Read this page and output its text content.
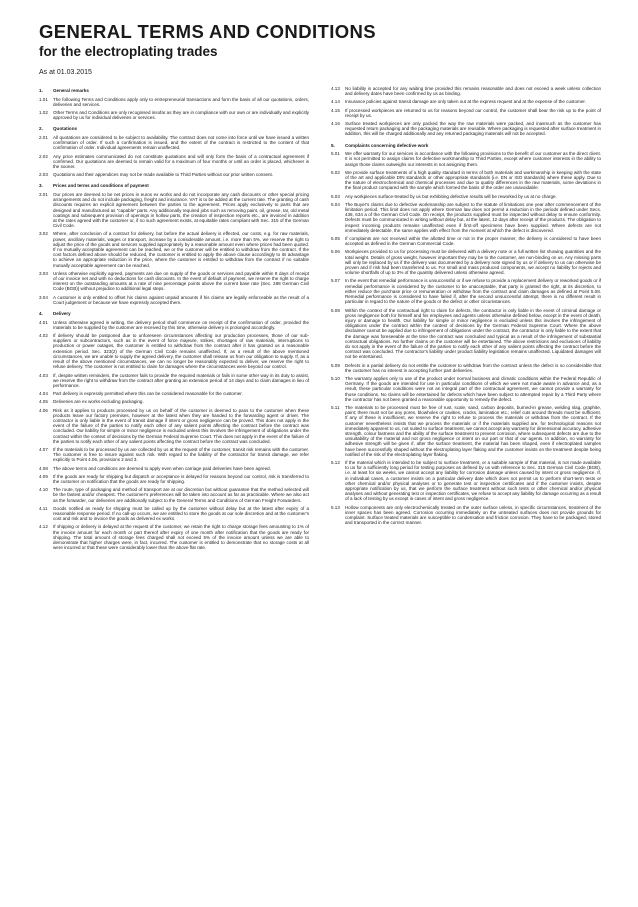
GENERAL TERMS AND CONDITIONS
for the electroplating trades
As at 01.03.2015
1.	General remarks
1.01	The following Terms and Conditions apply only to entrepreneurial transactions and form the basis of all our quotations, orders, deliveries and services.
1.02	Other Terms and Conditions are only recognised insofar as they are in compliance with our own or are individually and explicitly approved by us for individual deliveries or services.
2.	Quotations
2.01	All quotations are considered to be subject to availability. The contract does not come into force until we have issued a written confirmation of order. If such a confirmation is issued, and the extent of the contract is restricted to the content of that confirmation of order. Individual agreements remain unaffected.
2.02	Any price estimates communicated do not constitute quotations and will only form the basis of a contractual agreement if confirmed. Our quotations are deemed to remain valid for a maximum of four months or until an order is placed, whichever is the sooner.
2.03	Quotations and their appendices may not be made available to Third Parties without our prior written consent.
3.	Prices and terms and conditions of payment
3.01	Our prices are deemed to be net prices in euros ex works and do not incorporate any cash discounts or other special pricing arrangements and do not include packaging, freight and insurance. VAT is to be added at the current rate. The granting of cash discounts requires an explicit agreement between the parties to the agreement. Prices apply exclusively to parts that are designed and manufactured as "capable" parts. Any additionally required jobs such as removing paint, oil, grease, tar, old metal coatings and subsequent provision of openings in hollow parts, the creation of inspection reports etc., are invoiced in addition at the rates agreed with the customer or, if no such agreement exists, at equitable rates compliant with Sec. 315 of the German Civil Code.
3.02	Where, after conclusion of a contract for delivery, but before the actual delivery is effected, our costs, e.g. for raw materials, power, ancillary materials, wages or transport, increase by a considerable amount, i.e. more than 5%, we reserve the right to adjust the price of the goods and services supplied appropriately by a reasonable amount even where prices had been quoted. If no mutually acceptable agreement can be reached, we or the customer will be entitled to withdraw from the contract. If the cost factors defined above should be reduced, the customer is entitled to apply the above clause accordingly to its advantage to achieve an appropriate reduction in the price, where the customer is entitled to withdraw from the contract if no suitable mutually acceptable agreement can be reached.
3.03	Unless otherwise explicitly agreed, payments are due on supply of the goods or services and payable within 8 days of receipt of our invoice net and with no deductions for cash discounts. In the event of default of payment, we reserve the right to charge interest on the outstanding amounts at a rate of nine percentage points above the current base rate (Sec. 288 German Civil Code (BGB)) without prejudice to additional legal steps.
3.04	A customer is only entitled to offset his claims against unpaid amounts if his claims are legally enforceable as the result of a Court judgement or because we have expressly accepted them.
4.	Delivery
4.01	Unless otherwise agreed in writing, the delivery period shall commence on receipt of the confirmation of order, provided the materials to be supplied by the customer are received by this time, otherwise delivery is prolonged accordingly.
4.02	If delivery should be postponed due to unforeseen circumstances affecting our production processes, those of our sub-suppliers or subcontractors, such as in the event of force majeure, strikes, shortages of raw materials, interruptions to production or power outages, the customer is entitled to withdraw from the contract after it has granted us a reasonable extension period. Sec. 323(2) of the German Civil Code remains unaffected. If, as a result of the above mentioned circumstances, we are unable to supply the agreed delivery, the customer shall release us from our obligation to supply. If, as a result of the above mentioned circumstances, we can no longer be reasonably expected to deliver, we reserve the right to refuse delivery. The customer is not entitled to claim for damages where the circumstances were beyond our control.
4.03	If, despite written reminders, the customer fails to provide the required materials or fails in some other way in its duty to assist, we reserve the right to withdraw from the contract after granting an extension period of 14 days and to claim damages in lieu of performance.
4.04	Part delivery is expressly permitted where this can be considered reasonable for the customer.
4.05	Deliveries are ex works excluding packaging.
4.06	Risk as it applies to products processed by us on behalf of the customer is deemed to pass to the customer when these products leave our factory premises, however at the latest when they are handed to the forwarding agent or driver. The contractor is only liable in the event of transit damage if intent or gross negligence can be proved. This does not apply in the event of the failure of the parties to notify each other of any salient points affecting the contract before the contract was concluded. Our liability for simple or minor negligence is excluded unless this involves the infringement of obligations under the contract within the context of decisions by the German Federal Supreme Court. This does not apply in the event of the failure of the parties to notify each other of any salient points affecting the contract before the contract was concluded.
4.07	If the materials to be processed by us are collected by us at the request of the customer, transit risk remains with the customer. The customer is free to insure against such risk. With regard to the liability of the contractor for transit damage, we refer explicitly to Point 4.06, provisions 2 and 3.
4.08	The above terms and conditions are deemed to apply even when carriage paid deliveries have been agreed.
4.09	If the goods are ready for shipping but dispatch or acceptance is delayed for reasons beyond our control, risk is transferred to the customer on notification that the goods are ready for shipping.
4.10	The route, type of packaging and method of transport are at our discretion but without guarantee that the method selected will be the fastest and/or cheapest. The customer's preferences will be taken into account as far as practicable. Where we also act as the forwarder, our deliveries are additionally subject to the General Terms and Conditions of German Freight Forwarders.
4.11	Goods notified as ready for shipping must be called up by the customer without delay but at the latest after expiry of a reasonable response period. If no call-up occurs, we are entitled to store the goods at our sole discretion and at the customer's cost and risk and to invoice the goods as delivered ex works.
4.12	If shipping or delivery is delayed at the request of the customer, we retain the right to charge storage fees amounting to 1% of the invoice amount for each month or part thereof after expiry of one month after notification that the goods are ready for shipping. The total amount of storage fees charged shall not exceed 5% of the invoice amount unless we are able to demonstrate that higher charges were, in fact, incurred. The customer is entitled to demonstrate that no storage costs at all were incurred or that these were considerably lower than the above flat rate.
4.13	No liability is accepted for any waiting time provided this remains reasonable and does not exceed a week unless collection and delivery dates have been confirmed by us as binding.
4.14	Insurance policies against transit damage are only taken out at the express request and at the expense of the customer.
4.15	If processed workpieces are returned to us for reasons beyond our control, the customer shall bear the risk up to the point of receipt by us.
4.16	Surface treated workpieces are only packed the way the raw materials were packed, and inasmuch as the customer has requested return packaging and the packaging materials are reusable. Where packaging is requested after surface treatment in addition, this will be charged additionally and any returned packaging materials will not be accepted.
5.	Complaints concerning defective work
5.01	We offer warranty for our services in accordance with the following provisions to the benefit of our customer as the direct client. It is not permitted to assign claims for defective workmanship to Third Parties, except where customer interests in the ability to assign those claims outweighs our interests in not assigning them.
5.02	We provide surface treatments of a high quality standard in terms of both materials and workmanship in keeping with the state of the art and applicable DIN standards or other appropriate standards (i.e. EN or ISO standards) where these apply. Due to the nature of electrochemical and chemical processes and due to quality differences in the raw materials, some deviations in the final product compared with the sample which formed the basis of the order are unavoidable.
5.03	Any workpieces surface-treated by us but exhibiting defective results will be reworked by us at no charge.
5.04	The Buyer's claims due to defective workmanship are subject to the statute of limitations one year after commencement of the limitation period. This limit does not apply where German law does not permit a reduction in the periods defined under Secs. 438, 634 a of the German Civil Code. On receipt, the products supplied must be inspected without delay to ensure conformity. Defects must be communicated in writing without delay but, at the latest, 12 days after receipt of the products. The obligation to inspect incoming products remains unaffected even if first-off specimens have been supplied. Where defects are not immediately detectable, the same applies with effect from the moment at which the defect is discovered.
5.05	If complaints are not received within the allotted time or not in the proper manner, the delivery is considered to have been accepted as defined in the German Commercial Code.
5.06	Workpieces provided to us for processing must be delivered with a delivery note or a full written list showing quantities and the total weight. Details of gross weight, however important they may be to the customer, are non-binding on us. Any missing parts will only be replaced by us if the delivery was documented by a delivery note signed by us or if delivery to us can otherwise be proven and if risk had been transferred to us. For small and mass produced components, we accept no liability for rejects and volume shortfalls of up to 3% of the quantity delivered unless otherwise agreed.
5.07	In the event that remedial performance is unsuccessful or if we refuse to provide a replacement delivery or reworked goods or if remedial performance is considered by the customer to be unacceptable, that party is granted the right, at its discretion, to either reduce the purchase price or remuneration or withdraw from the contract and claim damages as defined at Point 5.08. Remedial performance is considered to have failed if, after the second unsuccessful attempt, there is no different result in particular in regard to the nature of the goods or the defect or other circumstances.
5.08	Within the context of the contractual right to claim for defects, the contractor is only liable in the event of criminal damage or gross negligence both for himself and his employees and agents unless otherwise defined below, except in the event of death, injury or damage to health. Our liability for simple or minor negligence is excluded unless this involves the infringement of obligations under the contract within the context of decisions by the German Federal Supreme Court. Where the above disclaimer cannot be applied due to infringement of obligations under the contract, the contractor is only liable to the extent that the damage was foreseeable at the time the contract was concluded and typical as a result of the infringement of substantial contractual obligations. No further claims on the customer will be entertained. The above restrictions and exclusions of liability do not apply in the event of the failure of the parties to notify each other of any salient points affecting the contract before the contract was concluded. The contractor's liability under product liability legislation remains unaffected. Liquidated damages will not be entertained.
5.09	Defects in a partial delivery do not entitle the customer to withdraw from the contract unless the defect is so considerable that the customer has no interest in accepting further part deliveries.
5.10	The warranty applies only to use of the product under normal business and climatic conditions within the Federal Republic of Germany. If the goods are intended for use in particular conditions of which we were not made aware in advance and, as a result, these particular conditions were not an integral part of the contractual agreement, we cannot provide a warranty for those conditions. No claims will be entertained for defects which have been subject to attempted repair by a Third Party where the contractor has not been granted a reasonable opportunity to remedy the defect.
5.11	The materials to be processed must be free of rust, scale, sand, carbon deposits, burned-in grease, welding slag, graphite, paint; there must not be any pores, blowholes or cavities, cracks, lamination etc.; relief cuts around threads must be sufficient. If any of these is insufficient, we reserve the right to refuse to process the materials or withdraw from the contract. If the customer nevertheless insists that we process the materials or if the materials supplied are, for technological reasons not immediately apparent to us, not suited to surface treatment, we cannot accept any warranty for dimensional accuracy, adhesive strength, colour fastness and the ability of the surface treatment to prevent corrosion, where subsequent defects are due to the unsuitability of the material and not gross negligence or intent on our part or that of our agents. In addition, no warranty for adhesive strength will be given if, after the surface treatment, the material has been shaped, even if electroplated samples have been successfully shaped without the electroplating layer flaking and the customer insists on the treatment despite being notified of the risk of the electroplating layer flaking.
5.12	If the material which is intended to be subject to surface treatment, or a suitable sample of that material, is not made available to us for a sufficiently long period for testing purposes as defined by us with reference to Sec. 315 German Civil Code (BGB), i.e. at least for six weeks, we cannot accept any liability for corrosion damage unless caused by intent or gross negligence. If, in individual cases, a customer insists on a particular delivery date which does not permit us to perform short-term tests or other chemical and/or physical analyses or to generate test or inspection certificates and if the customer insists, despite appropriate notification by us, that we perform the surface treatment without such tests or other chemical and/or physical analyses and without generating test or inspection certificates, we refuse to accept any liability for damage occurring as a result of a lack of testing by us except in cases of intent and gross negligence.
5.13	Hollow components are only electrochemically treated on the outer surface unless, in specific circumstances, treatment of the inner spaces has been agreed. Corrosion occurring immediately on the untreated surfaces does not provide grounds for complaint. Surface treated materials are susceptible to condensation and friction corrosion. They have to be packaged, stored and transported in the correct manner.
